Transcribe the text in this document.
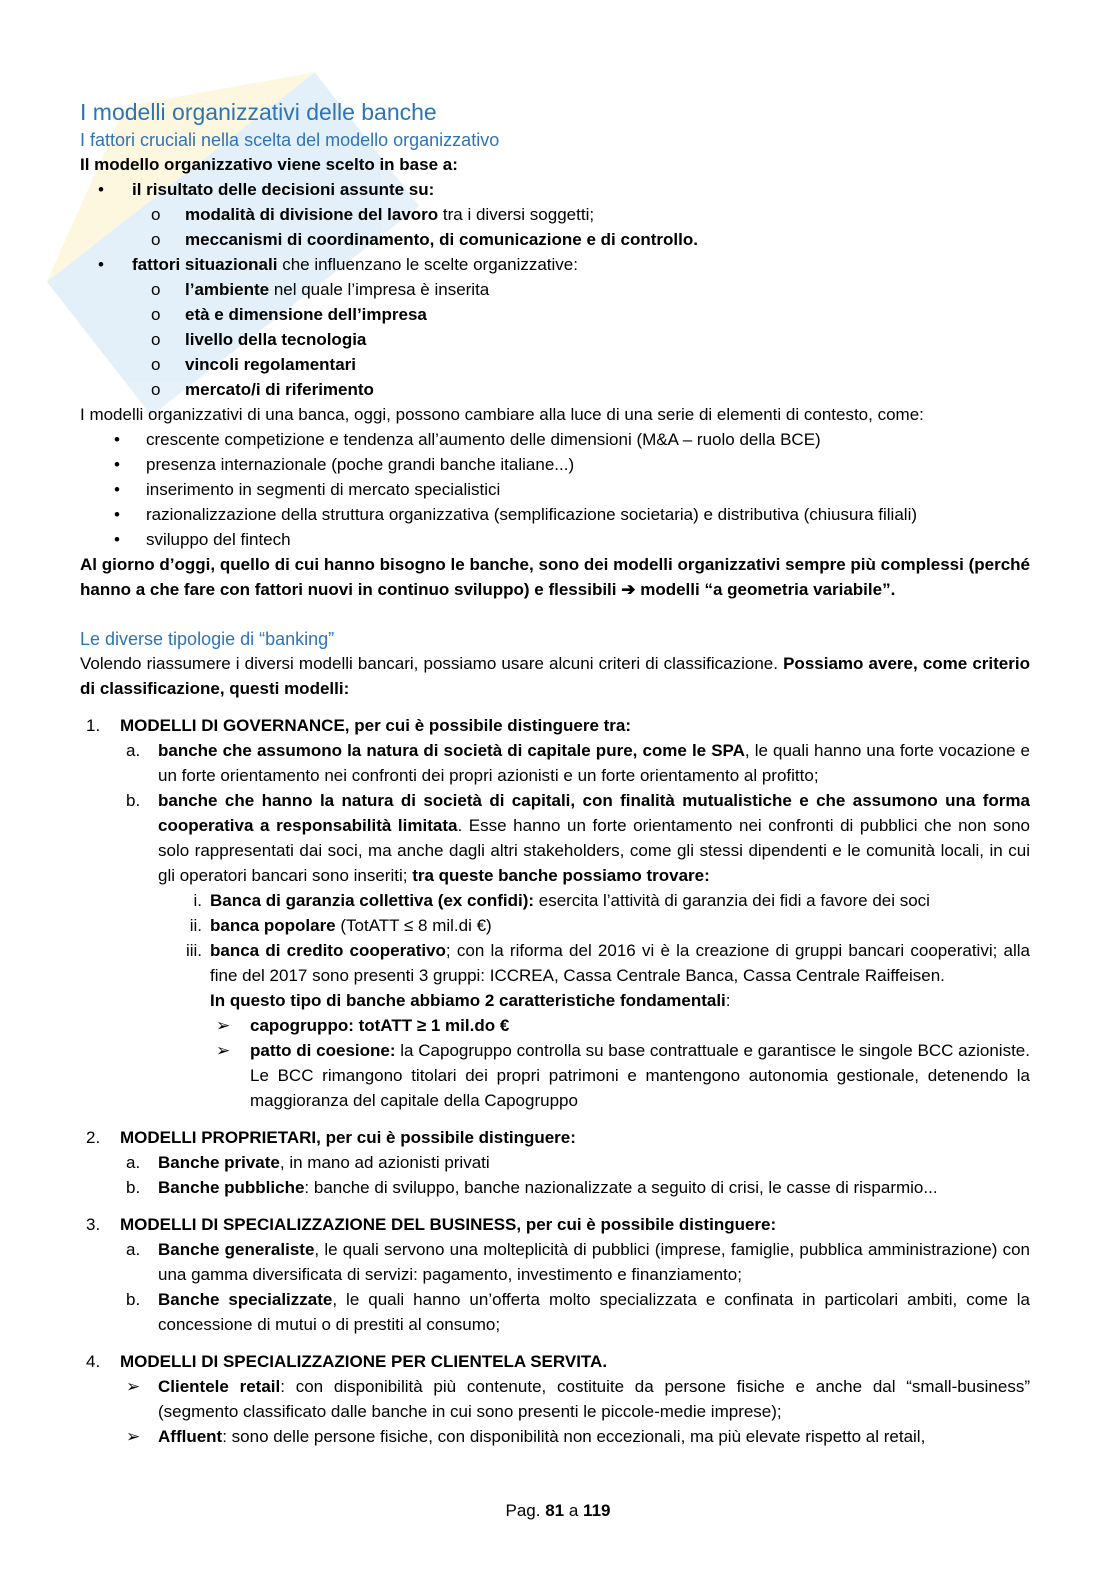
I modelli organizzativi delle banche
I fattori cruciali nella scelta del modello organizzativo
Il modello organizzativo viene scelto in base a:
• il risultato delle decisioni assunte su:
o modalità di divisione del lavoro tra i diversi soggetti;
o meccanismi di coordinamento, di comunicazione e di controllo.
• fattori situazionali che influenzano le scelte organizzative:
o l’ambiente nel quale l’impresa è inserita
o età e dimensione dell’impresa
o livello della tecnologia
o vincoli regolamentari
o mercato/i di riferimento
I modelli organizzativi di una banca, oggi, possono cambiare alla luce di una serie di elementi di contesto, come:
• crescente competizione e tendenza all’aumento delle dimensioni (M&A – ruolo della BCE)
• presenza internazionale (poche grandi banche italiane...)
• inserimento in segmenti di mercato specialistici
• razionalizzazione della struttura organizzativa (semplificazione societaria) e distributiva (chiusura filiali)
• sviluppo del fintech
Al giorno d’oggi, quello di cui hanno bisogno le banche, sono dei modelli organizzativi sempre più complessi (perché hanno a che fare con fattori nuovi in continuo sviluppo) e flessibili ➔ modelli “a geometria variabile”.
Le diverse tipologie di “banking”
Volendo riassumere i diversi modelli bancari, possiamo usare alcuni criteri di classificazione. Possiamo avere, come criterio di classificazione, questi modelli:
1. MODELLI DI GOVERNANCE, per cui è possibile distinguere tra:
a. banche che assumono la natura di società di capitale pure, come le SPA, le quali hanno una forte vocazione e un forte orientamento nei confronti dei propri azionisti e un forte orientamento al profitto;
b. banche che hanno la natura di società di capitali, con finalità mutualistiche e che assumono una forma cooperativa a responsabilità limitata. Esse hanno un forte orientamento nei confronti di pubblici che non sono solo rappresentati dai soci, ma anche dagli altri stakeholders, come gli stessi dipendenti e le comunità locali, in cui gli operatori bancari sono inseriti; tra queste banche possiamo trovare:
i. Banca di garanzia collettiva (ex confidi): esercita l’attività di garanzia dei fidi a favore dei soci
ii. banca popolare (TotATT ≤ 8 mil.di €)
iii. banca di credito cooperativo; con la riforma del 2016 vi è la creazione di gruppi bancari cooperativi; alla fine del 2017 sono presenti 3 gruppi: ICCREA, Cassa Centrale Banca, Cassa Centrale Raiffeisen.
In questo tipo di banche abbiamo 2 caratteristiche fondamentali:
➢ capogruppo: totATT ≥ 1 mil.do €
➢ patto di coesione: la Capogruppo controlla su base contrattuale e garantisce le singole BCC azioniste. Le BCC rimangono titolari dei propri patrimoni e mantengono autonomia gestionale, detenendo la maggioranza del capitale della Capogruppo
2. MODELLI PROPRIETARI, per cui è possibile distinguere:
a. Banche private, in mano ad azionisti privati
b. Banche pubbliche: banche di sviluppo, banche nazionalizzate a seguito di crisi, le casse di risparmio...
3. MODELLI DI SPECIALIZZAZIONE DEL BUSINESS, per cui è possibile distinguere:
a. Banche generaliste, le quali servono una molteplicità di pubblici (imprese, famiglie, pubblica amministrazione) con una gamma diversificata di servizi: pagamento, investimento e finanziamento;
b. Banche specializzate, le quali hanno un’offerta molto specializzata e confinata in particolari ambiti, come la concessione di mutui o di prestiti al consumo;
4. MODELLI DI SPECIALIZZAZIONE PER CLIENTELA SERVITA.
➢ Clientele retail: con disponibilità più contenute, costituite da persone fisiche e anche dal “small-business” (segmento classificato dalle banche in cui sono presenti le piccole-medie imprese);
➢ Affluent: sono delle persone fisiche, con disponibilità non eccezionali, ma più elevate rispetto al retail,
Pag. 81 a 119
